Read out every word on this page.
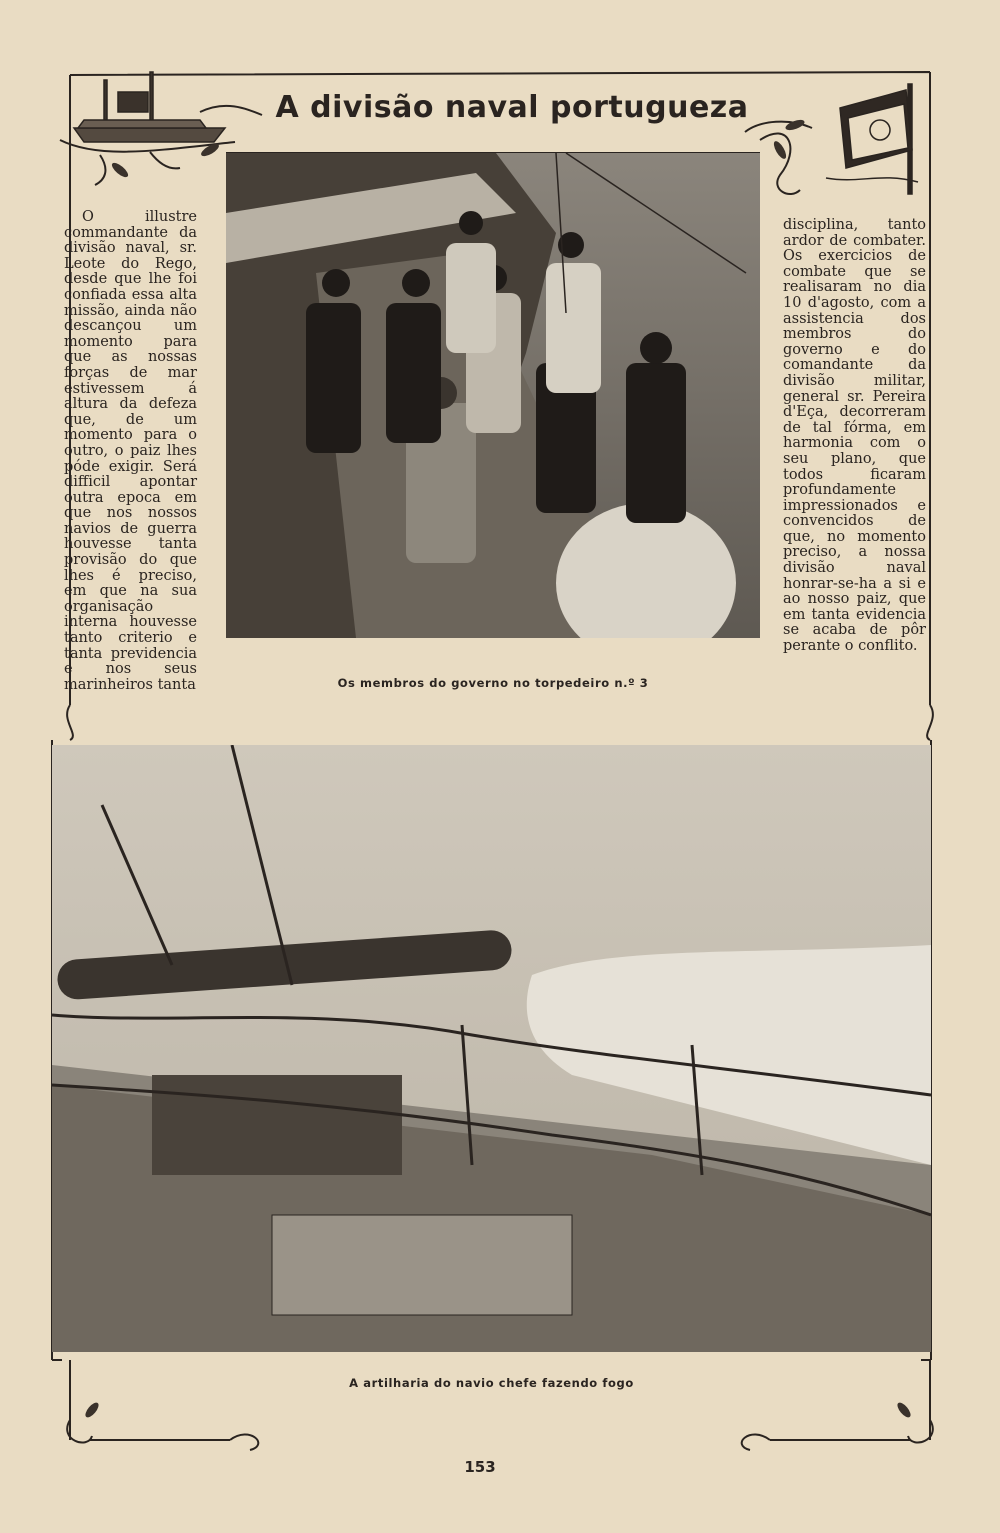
A divisão naval portugueza
O illustre commandante da divisão naval, sr. Leote do Rego, desde que lhe foi confiada essa alta missão, ainda não descançou um momento para que as nossas forças de mar estivessem á altura da defeza que, de um momento para o outro, o paiz lhes póde exigir. Será difficil apontar outra epoca em que nos nossos navios de guerra houvesse tanta provisão do que lhes é preciso, em que na sua organisação interna houvesse tanto criterio e tanta previdencia e nos seus marinheiros tanta
disciplina, tanto ardor de combater. Os exercicios de combate que se realisaram no dia 10 d'agosto, com a assistencia dos membros do governo e do comandante da divisão militar, general sr. Pereira d'Eça, decorreram de tal fórma, em harmonia com o seu plano, que todos ficaram profundamente impressionados e convencidos de que, no momento preciso, a nossa divisão naval honrar-se-ha a si e ao nosso paiz, que em tanta evidencia se acaba de pôr perante o conflito.
Os membros do governo no torpedeiro n.º 3
A artilharia do navio chefe fazendo fogo
153
